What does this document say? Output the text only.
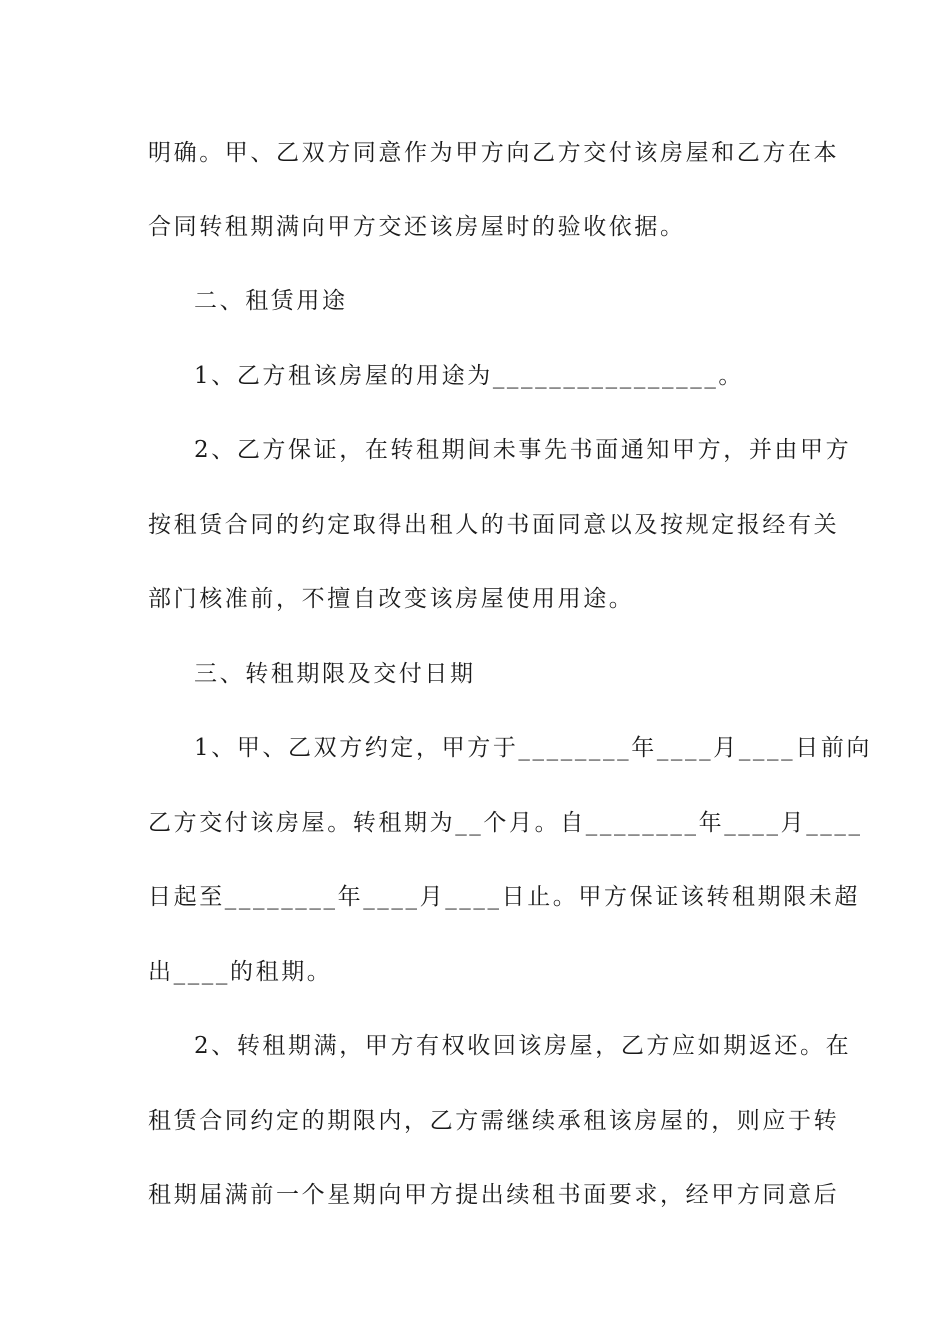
明确。甲、乙双方同意作为甲方向乙方交付该房屋和乙方在本
合同转租期满向甲方交还该房屋时的验收依据。
二、租赁用途
1、乙方租该房屋的用途为________________。
2、乙方保证，在转租期间未事先书面通知甲方，并由甲方
按租赁合同的约定取得出租人的书面同意以及按规定报经有关
部门核准前，不擅自改变该房屋使用用途。
三、转租期限及交付日期
1、甲、乙双方约定，甲方于________年____月____日前向
乙方交付该房屋。转租期为__个月。自________年____月____
日起至________年____月____日止。甲方保证该转租期限未超
出____的租期。
2、转租期满，甲方有权收回该房屋，乙方应如期返还。在
租赁合同约定的期限内，乙方需继续承租该房屋的，则应于转
租期届满前一个星期向甲方提出续租书面要求，经甲方同意后
